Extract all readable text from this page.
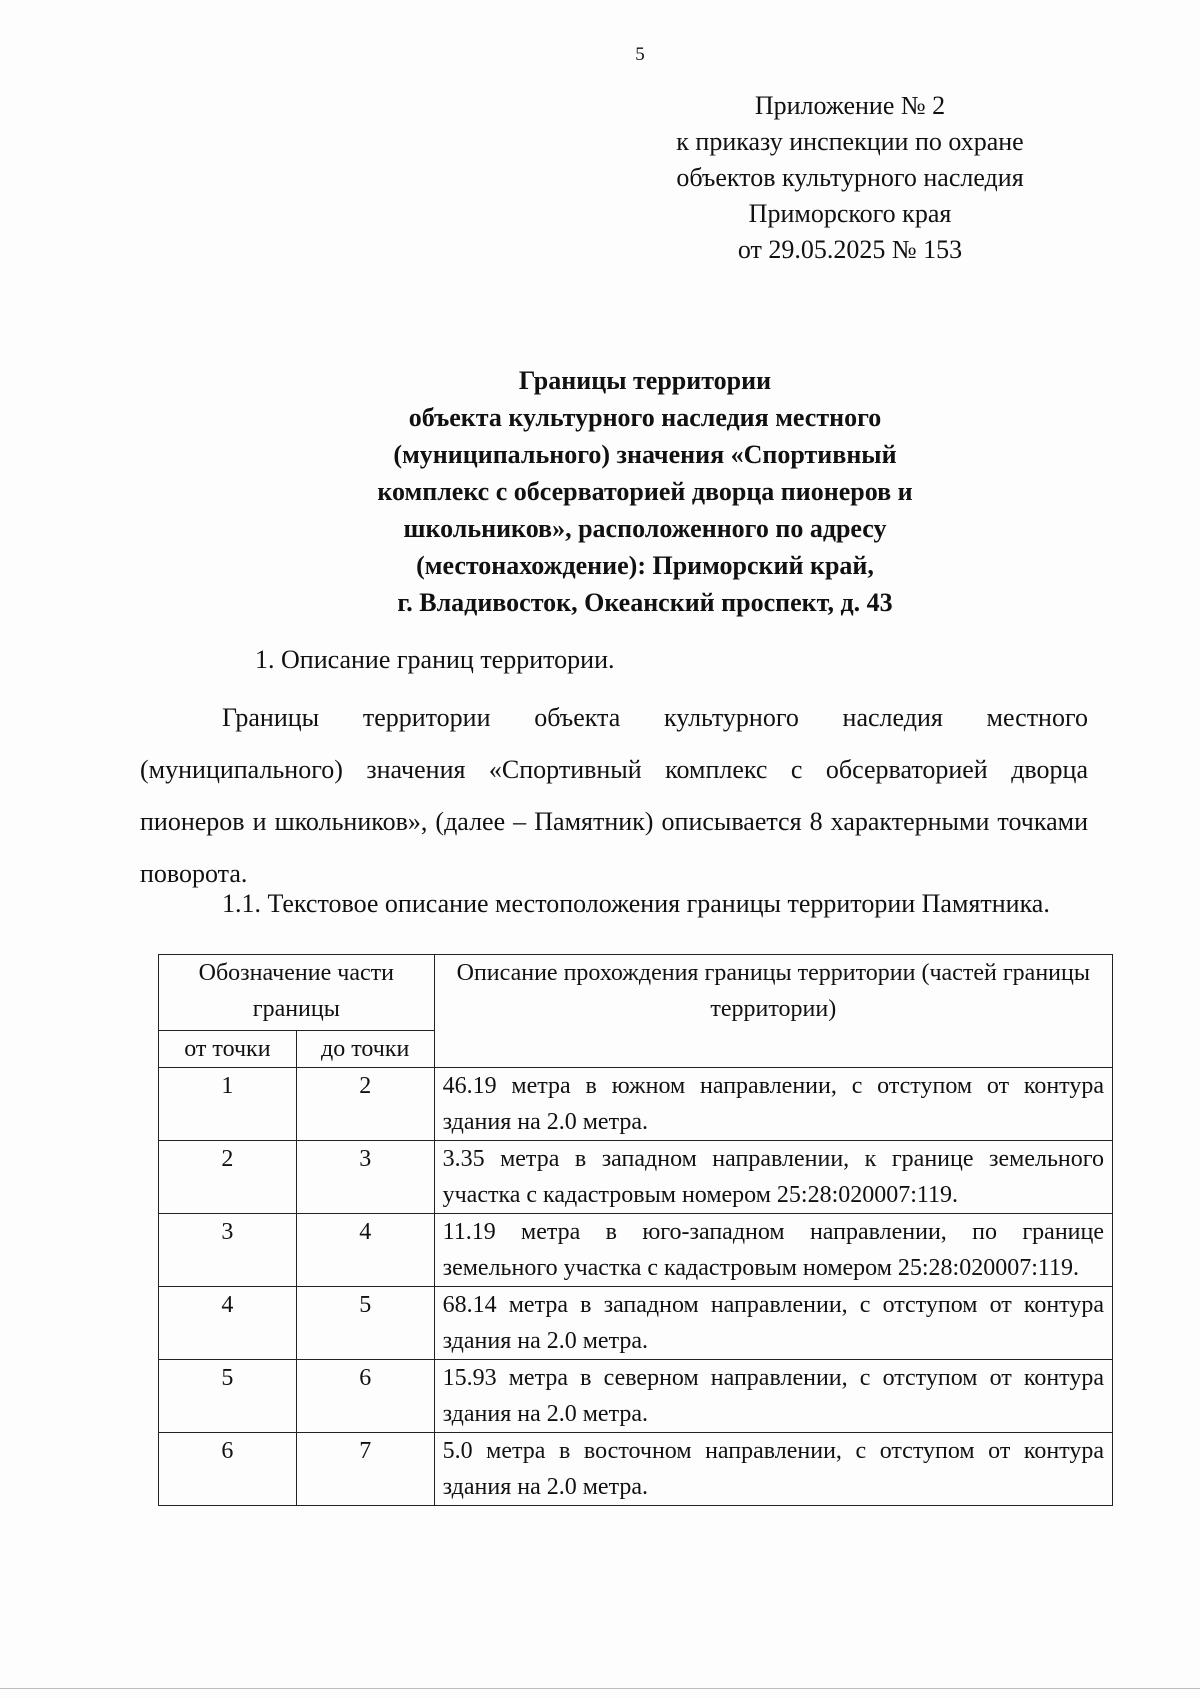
5
Приложение № 2
к приказу инспекции по охране
объектов культурного наследия
Приморского края
от 29.05.2025 № 153
Границы территории
объекта культурного наследия местного
(муниципального) значения «Спортивный
комплекс с обсерваторией дворца пионеров и
школьников», расположенного по адресу
(местонахождение): Приморский край,
г. Владивосток, Океанский проспект, д. 43
1. Описание границ территории.
Границы территории объекта культурного наследия местного (муниципального) значения «Спортивный комплекс с обсерваторией дворца пионеров и школьников», (далее – Памятник) описывается 8 характерными точками поворота.
1.1. Текстовое описание местоположения границы территории Памятника.
Обозначение части границы		Описание прохождения границы территории (частей границы территории)
от точки	до точки	
1	2	46.19 метра в южном направлении, с отступом от контура здания на 2.0 метра.
2	3	3.35 метра в западном направлении, к границе земельного участка с кадастровым номером 25:28:020007:119.
3	4	11.19 метра в юго-западном направлении, по границе земельного участка с кадастровым номером 25:28:020007:119.
4	5	68.14 метра в западном направлении, с отступом от контура здания на 2.0 метра.
5	6	15.93 метра в северном направлении, с отступом от контура здания на 2.0 метра.
6	7	5.0 метра в восточном направлении, с отступом от контура здания на 2.0 метра.
